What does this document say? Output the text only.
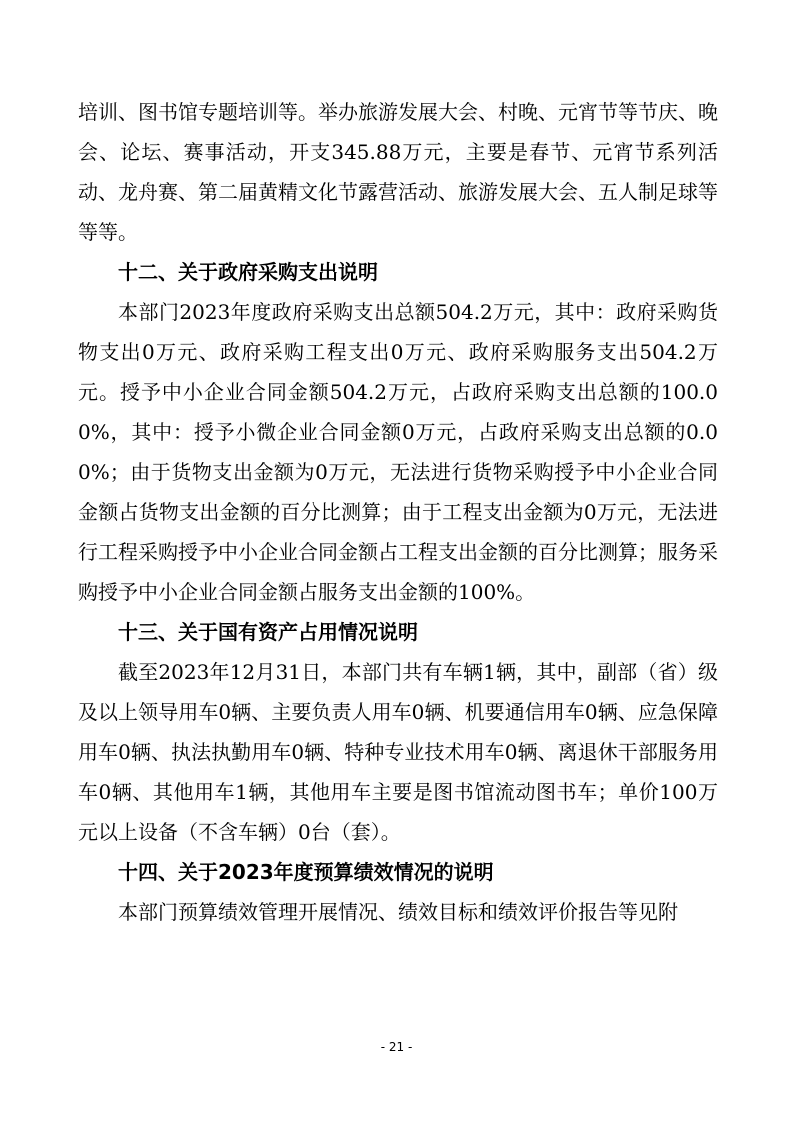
培训、图书馆专题培训等。举办旅游发展大会、村晚、元宵节等节庆、晚会、论坛、赛事活动，开支345.88万元，主要是春节、元宵节系列活动、龙舟赛、第二届黄精文化节露营活动、旅游发展大会、五人制足球等等等。

十二、关于政府采购支出说明

本部门2023年度政府采购支出总额504.2万元，其中：政府采购货物支出0万元、政府采购工程支出0万元、政府采购服务支出504.2万元。授予中小企业合同金额504.2万元，占政府采购支出总额的100.00%，其中：授予小微企业合同金额0万元，占政府采购支出总额的0.00%；由于货物支出金额为0万元，无法进行货物采购授予中小企业合同金额占货物支出金额的百分比测算；由于工程支出金额为0万元，无法进行工程采购授予中小企业合同金额占工程支出金额的百分比测算；服务采购授予中小企业合同金额占服务支出金额的100%。

十三、关于国有资产占用情况说明

截至2023年12月31日，本部门共有车辆1辆，其中，副部（省）级及以上领导用车0辆、主要负责人用车0辆、机要通信用车0辆、应急保障用车0辆、执法执勤用车0辆、特种专业技术用车0辆、离退休干部服务用车0辆、其他用车1辆，其他用车主要是图书馆流动图书车；单价100万元以上设备（不含车辆）0台（套）。

十四、关于2023年度预算绩效情况的说明

本部门预算绩效管理开展情况、绩效目标和绩效评价报告等见附

- 21 -
